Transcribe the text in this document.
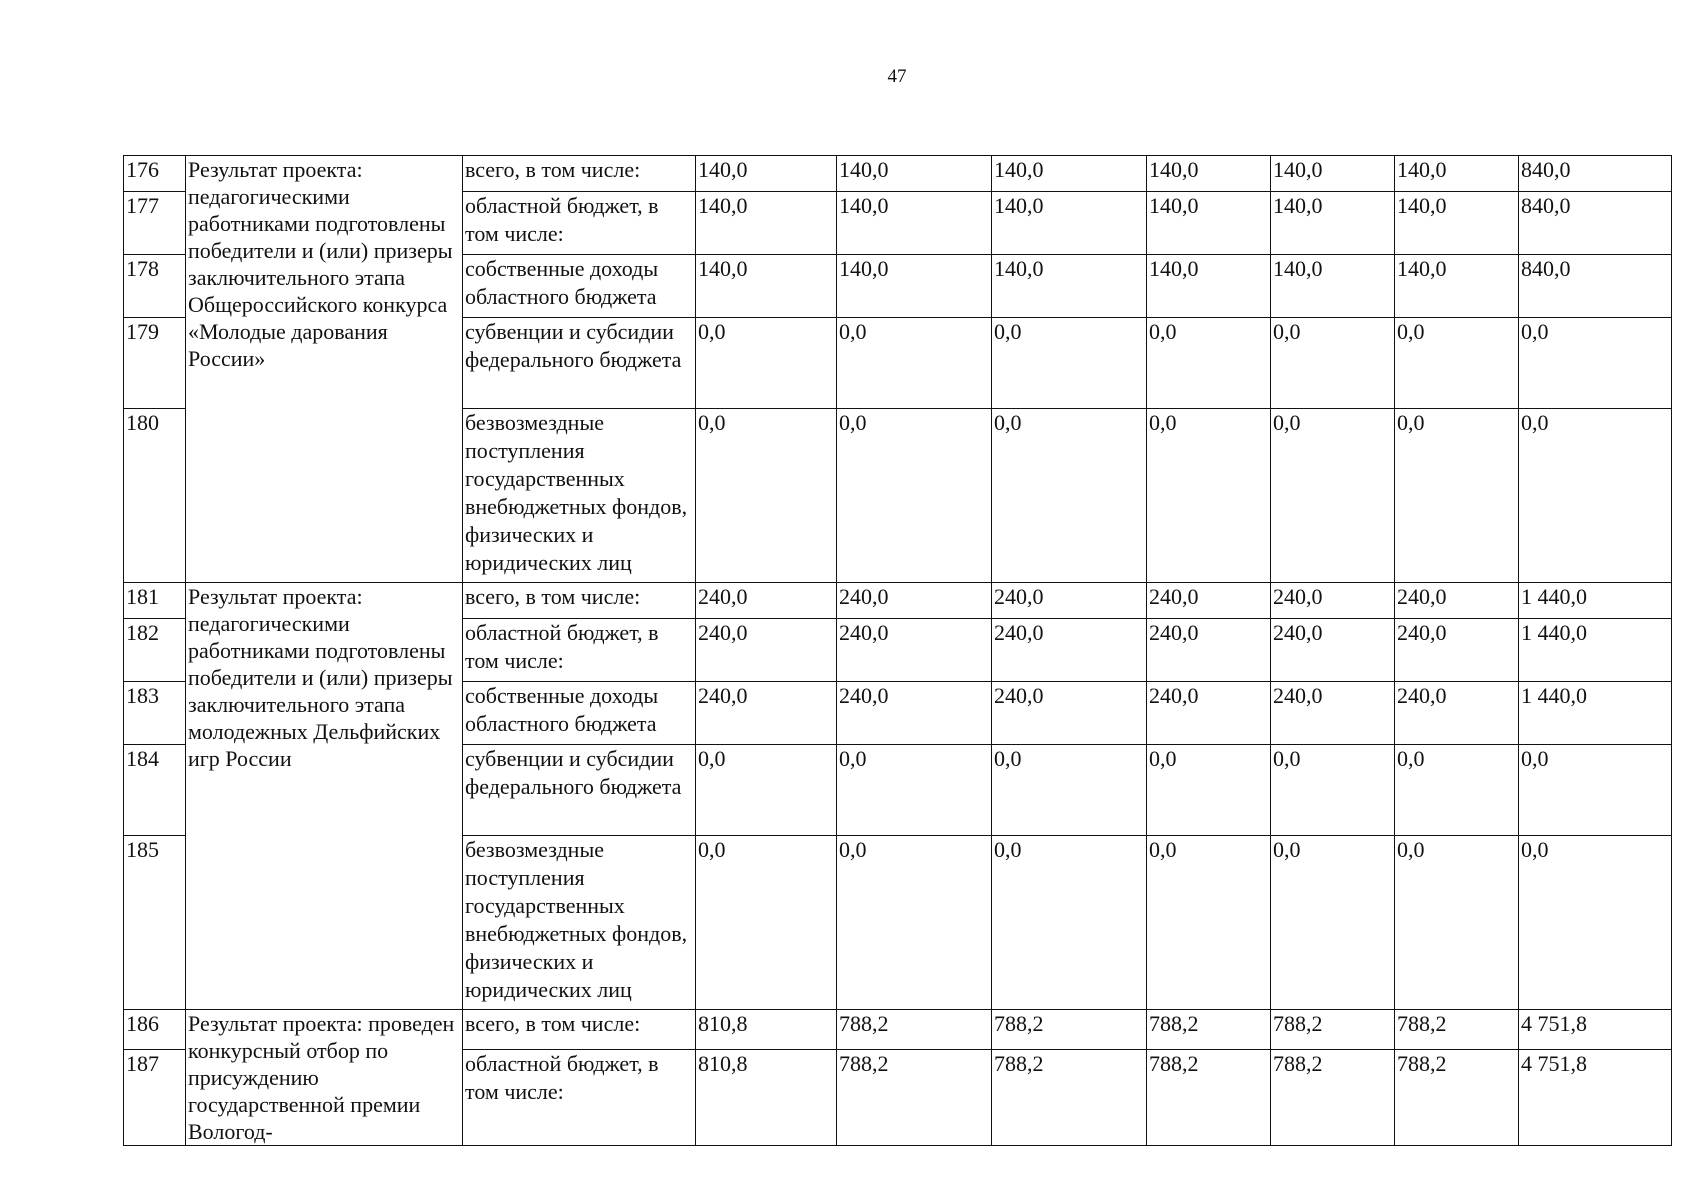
47
176	Результат проекта: педагогическими работниками подготовлены победители и (или) призеры заключительного этапа Общероссийского конкурса «Молодые дарования России»	всего, в том числе:	140,0	140,0	140,0	140,0	140,0	140,0	840,0
177		областной бюджет, в том числе:	140,0	140,0	140,0	140,0	140,0	140,0	840,0
178		собственные доходы областного бюджета	140,0	140,0	140,0	140,0	140,0	140,0	840,0
179		субвенции и субсидии федерального бюджета	0,0	0,0	0,0	0,0	0,0	0,0	0,0
180		безвозмездные поступления государственных внебюджетных фондов, физических и юридических лиц	0,0	0,0	0,0	0,0	0,0	0,0	0,0
181	Результат проекта: педагогическими работниками подготовлены победители и (или) призеры заключительного этапа молодежных Дельфийских игр России	всего, в том числе:	240,0	240,0	240,0	240,0	240,0	240,0	1 440,0
182		областной бюджет, в том числе:	240,0	240,0	240,0	240,0	240,0	240,0	1 440,0
183		собственные доходы областного бюджета	240,0	240,0	240,0	240,0	240,0	240,0	1 440,0
184		субвенции и субсидии федерального бюджета	0,0	0,0	0,0	0,0	0,0	0,0	0,0
185		безвозмездные поступления государственных внебюджетных фондов, физических и юридических лиц	0,0	0,0	0,0	0,0	0,0	0,0	0,0
186	Результат проекта: проведен конкурсный отбор по присуждению государственной премии Вологод-	всего, в том числе:	810,8	788,2	788,2	788,2	788,2	788,2	4 751,8
187		областной бюджет, в том числе:	810,8	788,2	788,2	788,2	788,2	788,2	4 751,8
